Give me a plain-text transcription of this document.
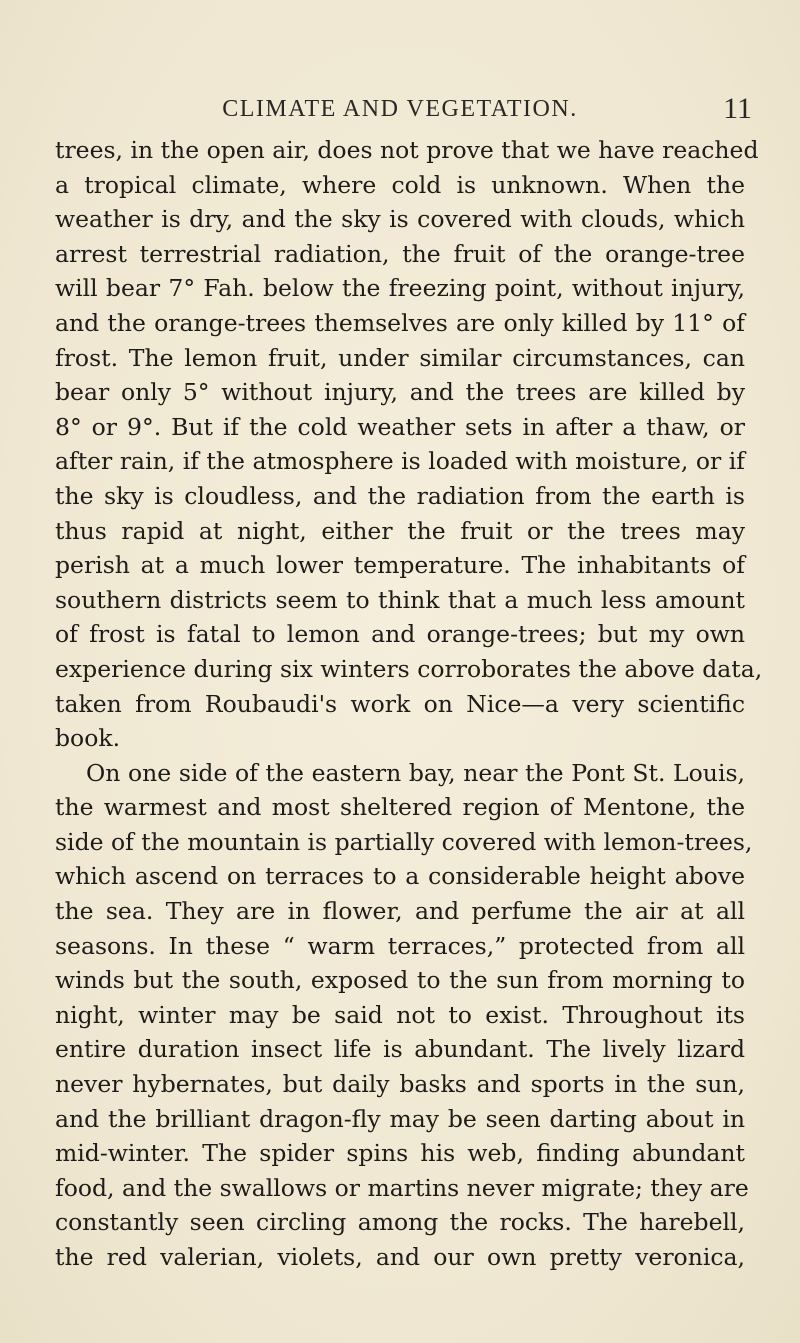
CLIMATE AND VEGETATION.	11
trees, in the open air, does not prove that we have reached
a tropical climate, where cold is unknown. When the
weather is dry, and the sky is covered with clouds, which
arrest terrestrial radiation, the fruit of the orange-tree
will bear 7° Fah. below the freezing point, without injury,
and the orange-trees themselves are only killed by 11° of
frost. The lemon fruit, under similar circumstances, can
bear only 5° without injury, and the trees are killed by
8° or 9°. But if the cold weather sets in after a thaw, or
after rain, if the atmosphere is loaded with moisture, or if
the sky is cloudless, and the radiation from the earth is
thus rapid at night, either the fruit or the trees may
perish at a much lower temperature. The inhabitants of
southern districts seem to think that a much less amount
of frost is fatal to lemon and orange-trees; but my own
experience during six winters corroborates the above data,
taken from Roubaudi's work on Nice—a very scientific
book.
On one side of the eastern bay, near the Pont St. Louis,
the warmest and most sheltered region of Mentone, the
side of the mountain is partially covered with lemon-trees,
which ascend on terraces to a considerable height above
the sea. They are in flower, and perfume the air at all
seasons. In these “ warm terraces,” protected from all
winds but the south, exposed to the sun from morning to
night, winter may be said not to exist. Throughout its
entire duration insect life is abundant. The lively lizard
never hybernates, but daily basks and sports in the sun,
and the brilliant dragon-fly may be seen darting about in
mid-winter. The spider spins his web, finding abundant
food, and the swallows or martins never migrate; they are
constantly seen circling among the rocks. The harebell,
the red valerian, violets, and our own pretty veronica,
